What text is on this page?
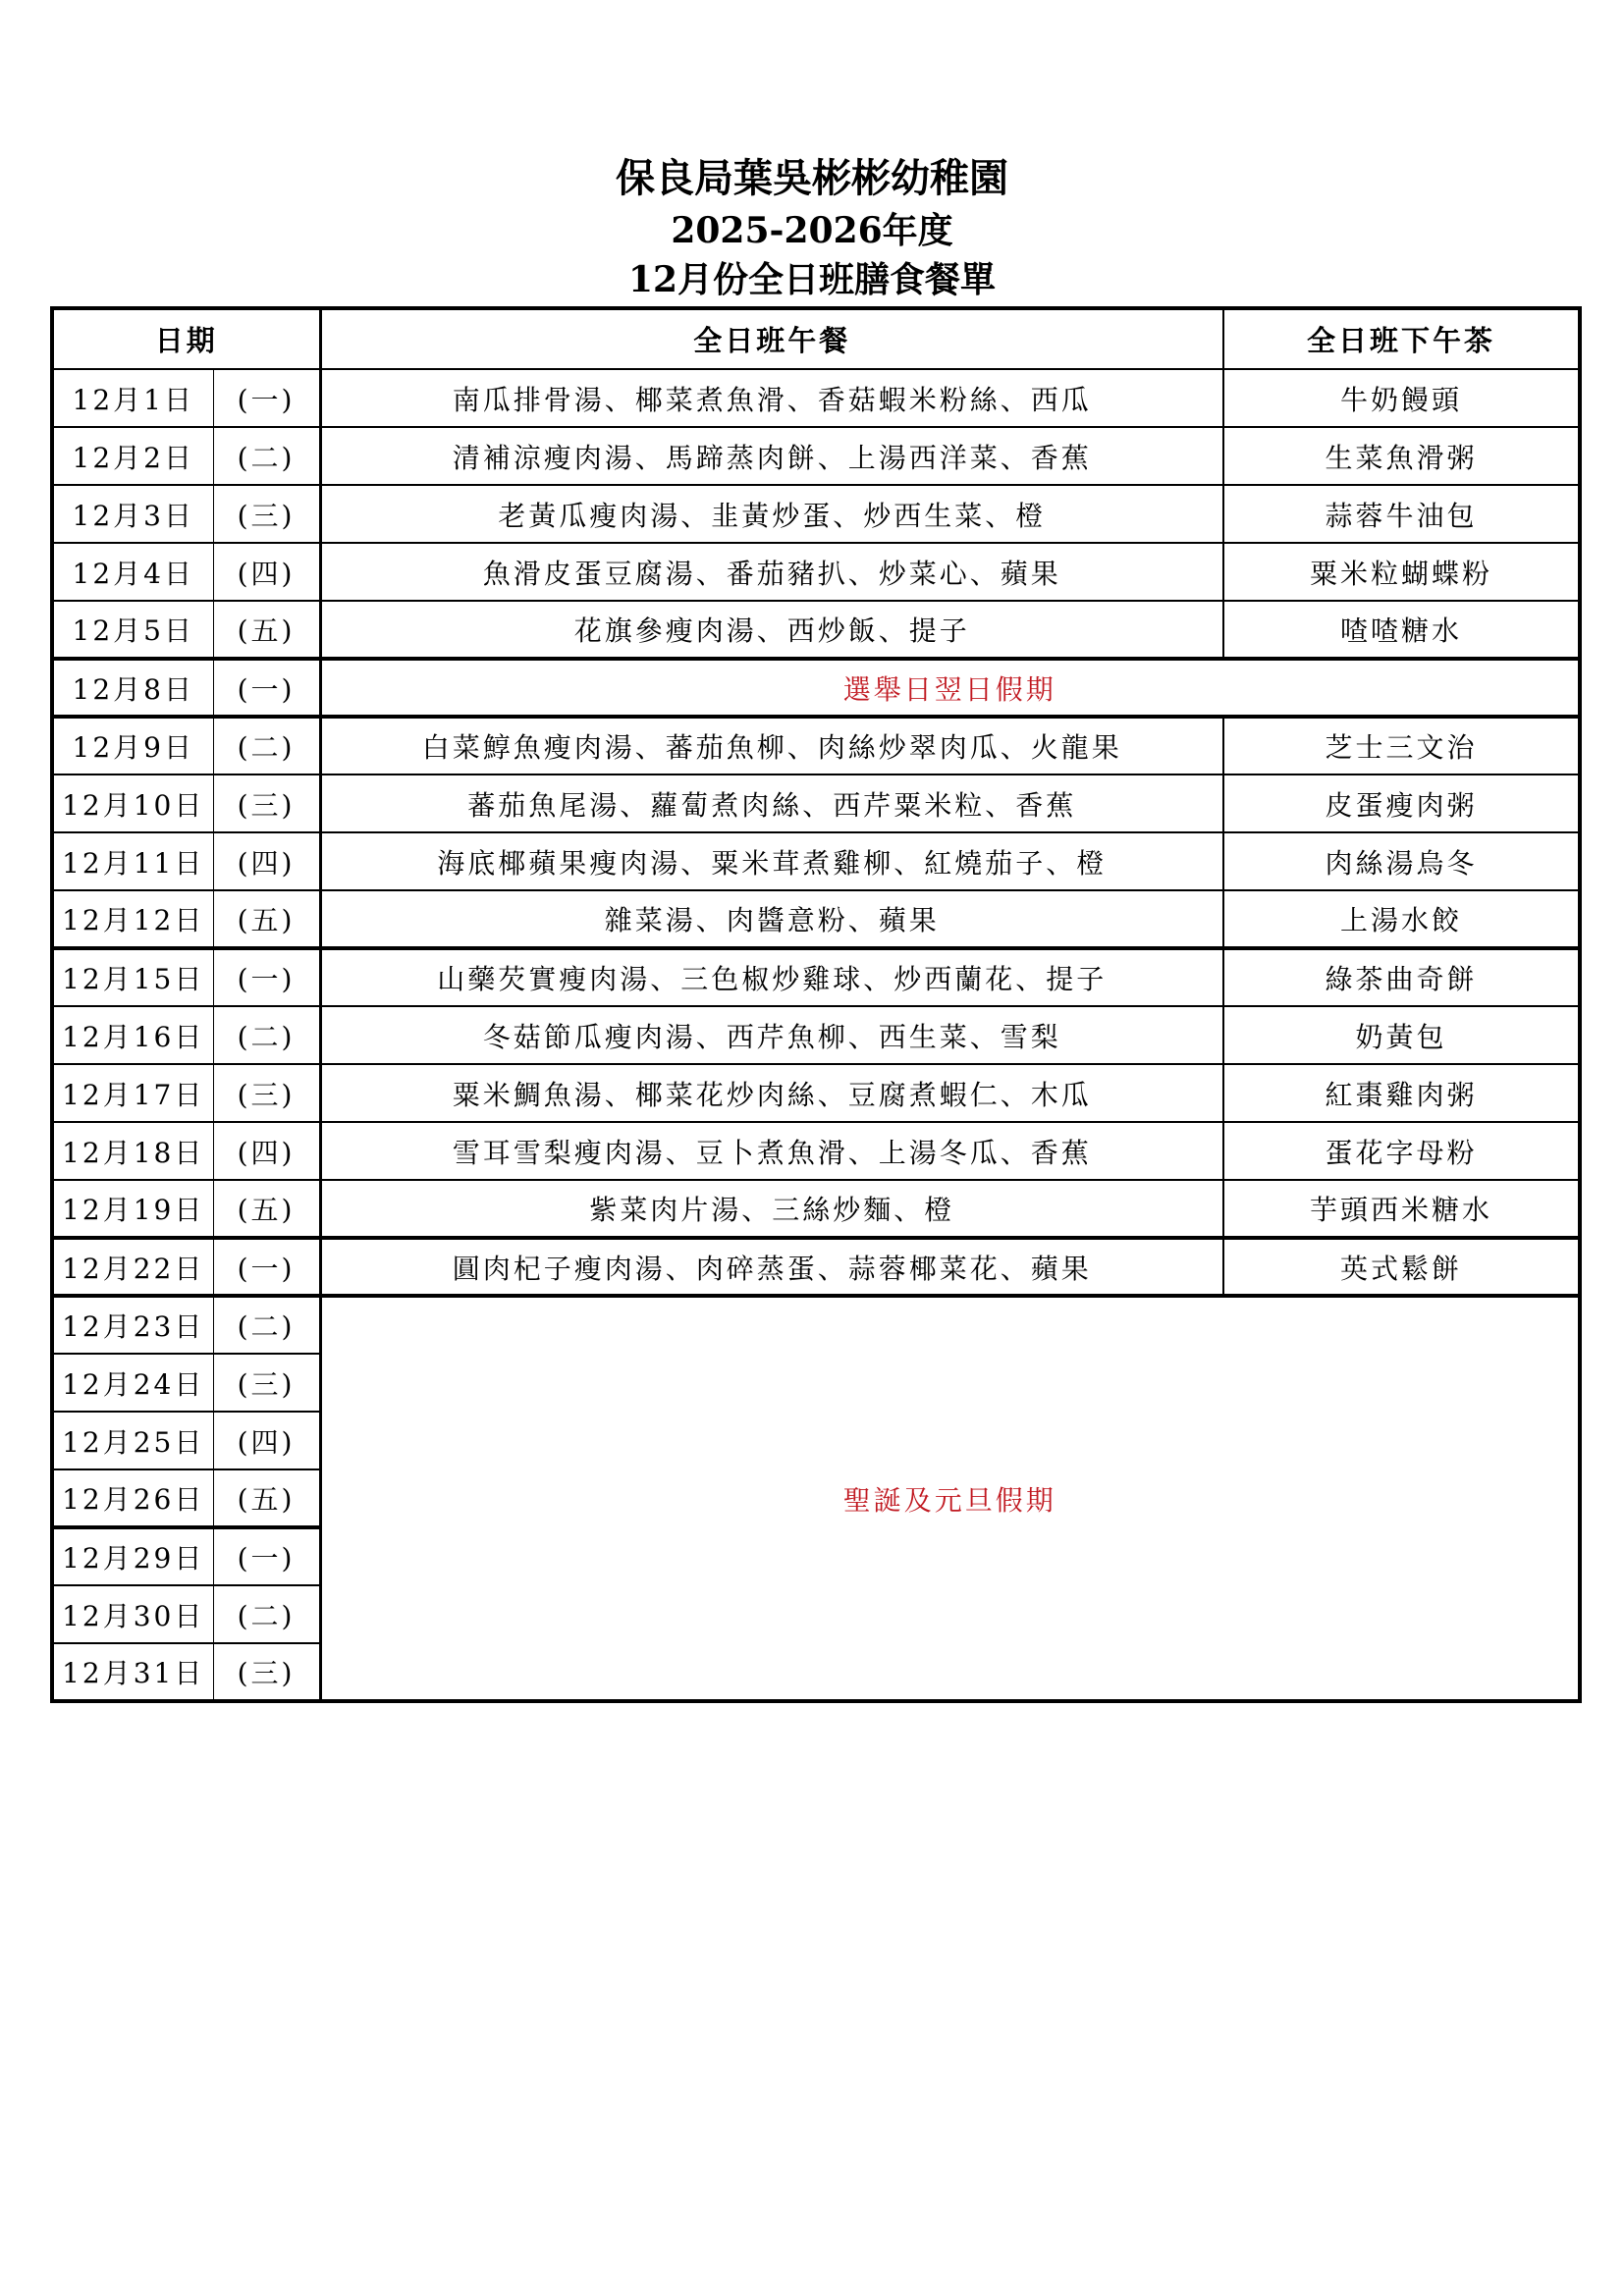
保良局葉吳彬彬幼稚園
2025-2026年度
12月份全日班膳食餐單
日期		全日班午餐	全日班下午茶
12月1日	(一)	南瓜排骨湯、椰菜煮魚滑、香菇蝦米粉絲、西瓜	牛奶饅頭
12月2日	(二)	清補涼瘦肉湯、馬蹄蒸肉餅、上湯西洋菜、香蕉	生菜魚滑粥
12月3日	(三)	老黃瓜瘦肉湯、韭黃炒蛋、炒西生菜、橙	蒜蓉牛油包
12月4日	(四)	魚滑皮蛋豆腐湯、番茄豬扒、炒菜心、蘋果	粟米粒蝴蝶粉
12月5日	(五)	花旗參瘦肉湯、西炒飯、提子	喳喳糖水
12月8日	(一)	選舉日翌日假期	
12月9日	(二)	白菜鯙魚瘦肉湯、蕃茄魚柳、肉絲炒翠肉瓜、火龍果	芝士三文治
12月10日	(三)	蕃茄魚尾湯、蘿蔔煮肉絲、西芹粟米粒、香蕉	皮蛋瘦肉粥
12月11日	(四)	海底椰蘋果瘦肉湯、粟米茸煮雞柳、紅燒茄子、橙	肉絲湯烏冬
12月12日	(五)	雜菜湯、肉醬意粉、蘋果	上湯水餃
12月15日	(一)	山藥芡實瘦肉湯、三色椒炒雞球、炒西蘭花、提子	綠茶曲奇餅
12月16日	(二)	冬菇節瓜瘦肉湯、西芹魚柳、西生菜、雪梨	奶黃包
12月17日	(三)	粟米鯛魚湯、椰菜花炒肉絲、豆腐煮蝦仁、木瓜	紅棗雞肉粥
12月18日	(四)	雪耳雪梨瘦肉湯、豆卜煮魚滑、上湯冬瓜、香蕉	蛋花字母粉
12月19日	(五)	紫菜肉片湯、三絲炒麵、橙	芋頭西米糖水
12月22日	(一)	圓肉杞子瘦肉湯、肉碎蒸蛋、蒜蓉椰菜花、蘋果	英式鬆餅
12月23日	(二)	聖誕及元旦假期	
12月24日	(三)		
12月25日	(四)		
12月26日	(五)		
12月29日	(一)		
12月30日	(二)		
12月31日	(三)		
